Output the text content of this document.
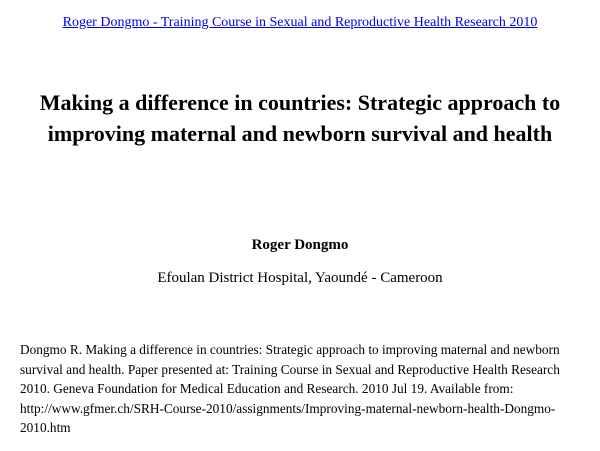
Roger Dongmo - Training Course in Sexual and Reproductive Health Research 2010
Making a difference in countries: Strategic approach to improving maternal and newborn survival and health

Roger Dongmo

Efoulan District Hospital, Yaoundé - Cameroon

Dongmo R. Making a difference in countries: Strategic approach to improving maternal and newborn survival and health. Paper presented at: Training Course in Sexual and Reproductive Health Research 2010. Geneva Foundation for Medical Education and Research. 2010 Jul 19. Available from: http://www.gfmer.ch/SRH-Course-2010/assignments/Improving-maternal-newborn-health-Dongmo-2010.htm
